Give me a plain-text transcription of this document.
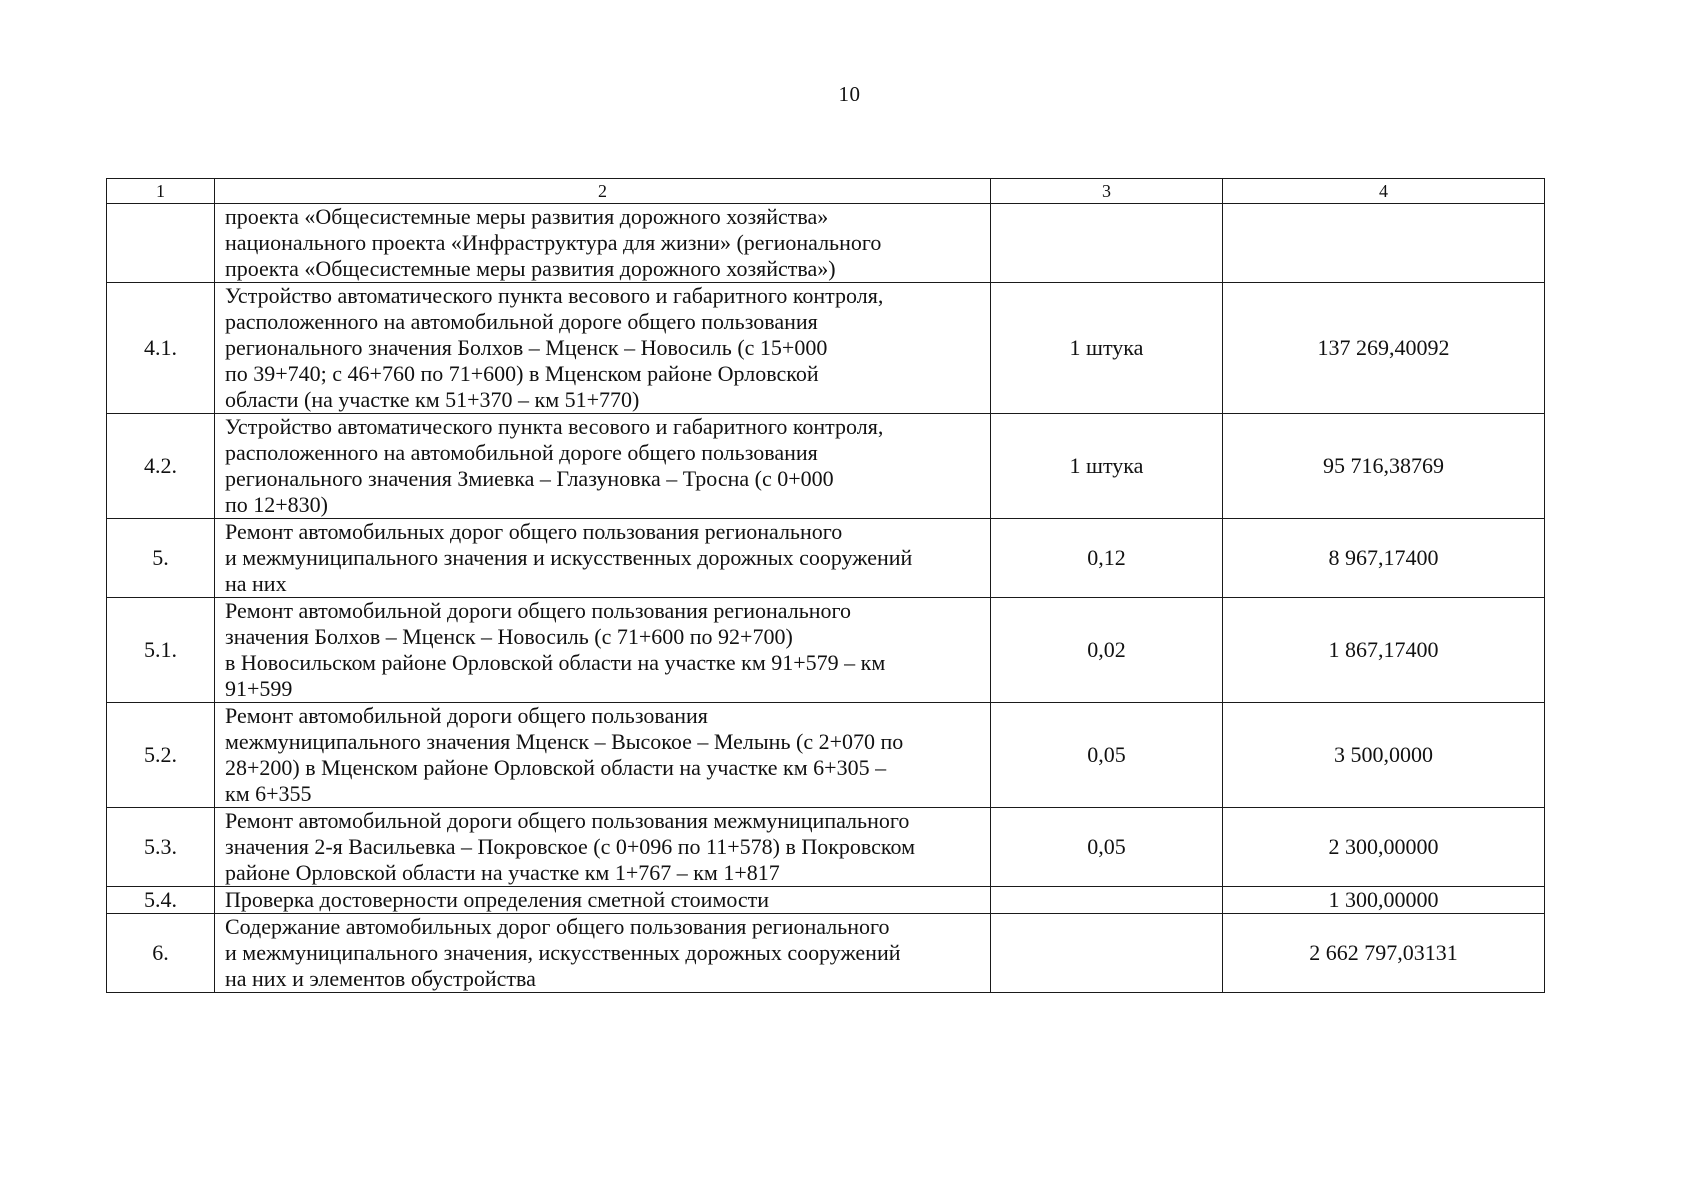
10
1	2	3	4

	проекта «Общесистемные меры развития дорожного хозяйства»
национального проекта «Инфраструктура для жизни» (регионального
проекта «Общесистемные меры развития дорожного хозяйства»)		

4.1.	Устройство автоматического пункта весового и габаритного контроля,
расположенного на автомобильной дороге общего пользования
регионального значения Болхов – Мценск – Новосиль (с 15+000
по 39+740; с 46+760 по 71+600) в Мценском районе Орловской
области (на участке км 51+370 – км 51+770)	1 штука	137 269,40092
4.2.	Устройство автоматического пункта весового и габаритного контроля,
расположенного на автомобильной дороге общего пользования
регионального значения Змиевка – Глазуновка – Тросна (с 0+000
по 12+830)	1 штука	95 716,38769
5.	Ремонт автомобильных дорог общего пользования регионального
и межмуниципального значения и искусственных дорожных сооружений
на них	0,12	8 967,17400
5.1.	Ремонт автомобильной дороги общего пользования регионального
значения Болхов – Мценск – Новосиль (с 71+600 по 92+700)
в Новосильском районе Орловской области на участке км 91+579 – км
91+599	0,02	1 867,17400
5.2.	Ремонт автомобильной дороги общего пользования
межмуниципального значения Мценск – Высокое – Мелынь (с 2+070 по
28+200) в Мценском районе Орловской области на участке км 6+305 –
км 6+355	0,05	3 500,0000
5.3.	Ремонт автомобильной дороги общего пользования межмуниципального
значения 2-я Васильевка – Покровское (с 0+096 по 11+578) в Покровском
районе Орловской области на участке км 1+767 – км 1+817	0,05	2 300,00000
5.4.	Проверка достоверности определения сметной стоимости		1 300,00000
6.	Содержание автомобильных дорог общего пользования регионального
и межмуниципального значения, искусственных дорожных сооружений
на них и элементов обустройства		2 662 797,03131
